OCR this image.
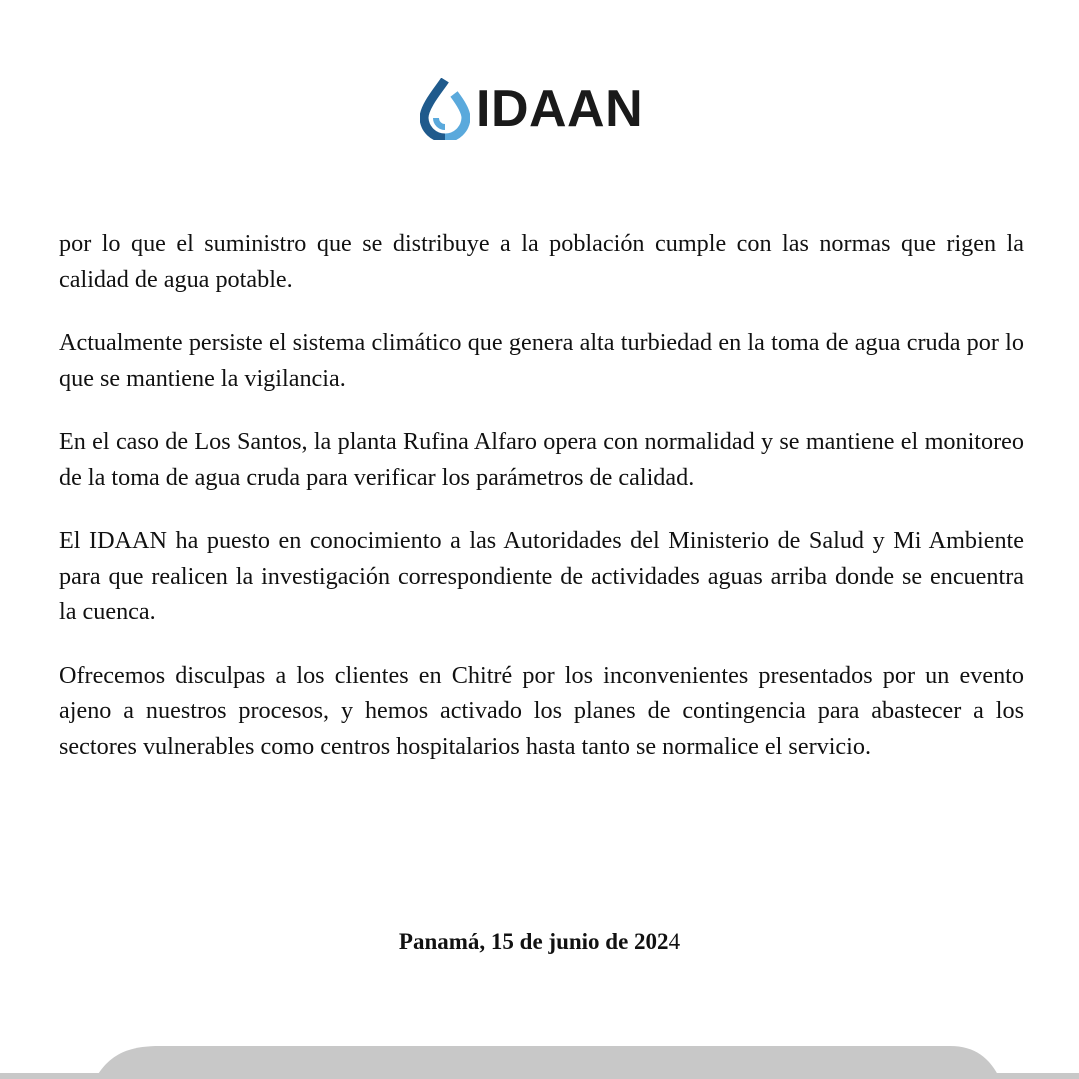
IDAAN

por lo que el suministro que se distribuye a la población cumple con las normas que rigen la calidad de agua potable.

Actualmente persiste el sistema climático que genera alta turbiedad en la toma de agua cruda por lo que se mantiene la vigilancia.

En el caso de Los Santos, la planta Rufina Alfaro opera con normalidad y se mantiene el monitoreo de la toma de agua cruda para verificar los parámetros de calidad.

El IDAAN ha puesto en conocimiento a las Autoridades del Ministerio de Salud y Mi Ambiente para que realicen la investigación correspondiente de actividades aguas arriba donde se encuentra la cuenca.

Ofrecemos disculpas a los clientes en Chitré por los inconvenientes presentados por un evento ajeno a nuestros procesos, y hemos activado los planes de contingencia para abastecer a los sectores vulnerables como centros hospitalarios hasta tanto se normalice el servicio.

Panamá, 15 de junio de 2024
